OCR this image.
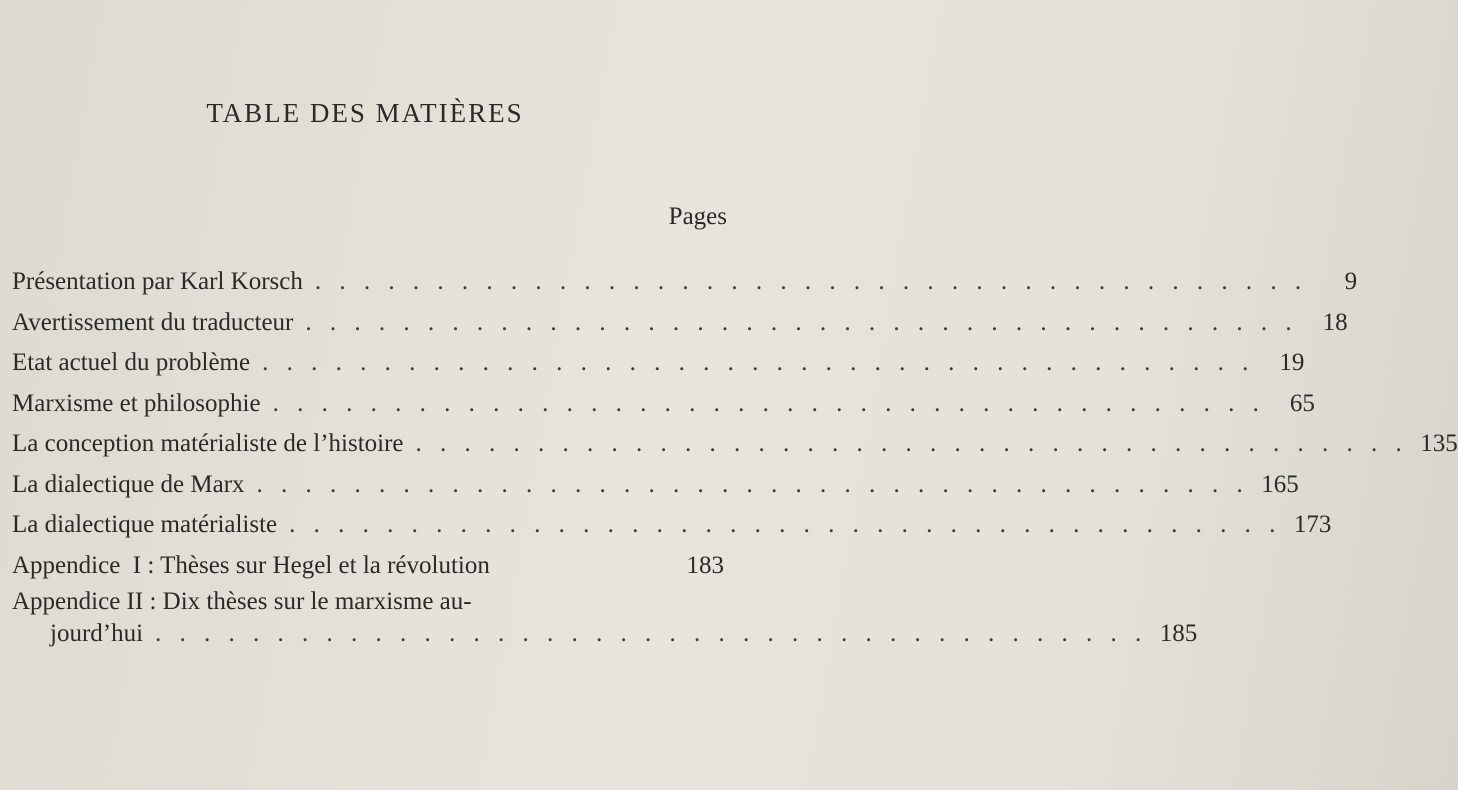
TABLE DES MATIÈRES
Pages
Présentation par Karl Korsch . . . . . . . . . . . . . . . . . . . . . . . . . . . . . . . . . . . . . . . . .	9
Avertissement du traducteur . . . . . . . . . . . . . . . . . . . . . . . . . . . . . . . . . . . . . . . . .	18
Etat actuel du problème . . . . . . . . . . . . . . . . . . . . . . . . . . . . . . . . . . . . . . . . .	19
Marxisme et philosophie . . . . . . . . . . . . . . . . . . . . . . . . . . . . . . . . . . . . . . . . .	65
La conception matérialiste de l’histoire . . . . . . . . . . . . . . . . . . . . . . . . . . . . . . . . . . . . . . . . . 135
La dialectique de Marx . . . . . . . . . . . . . . . . . . . . . . . . . . . . . . . . . . . . . . . . . 165
La dialectique matérialiste . . . . . . . . . . . . . . . . . . . . . . . . . . . . . . . . . . . . . . . . . 173
Appendice  I : Thèses sur Hegel et la révolution	183
Appendice II : Dix thèses sur le marxisme au-
jourd’hui . . . . . . . . . . . . . . . . . . . . . . . . . . . . . . . . . . . . . . . . . 185
